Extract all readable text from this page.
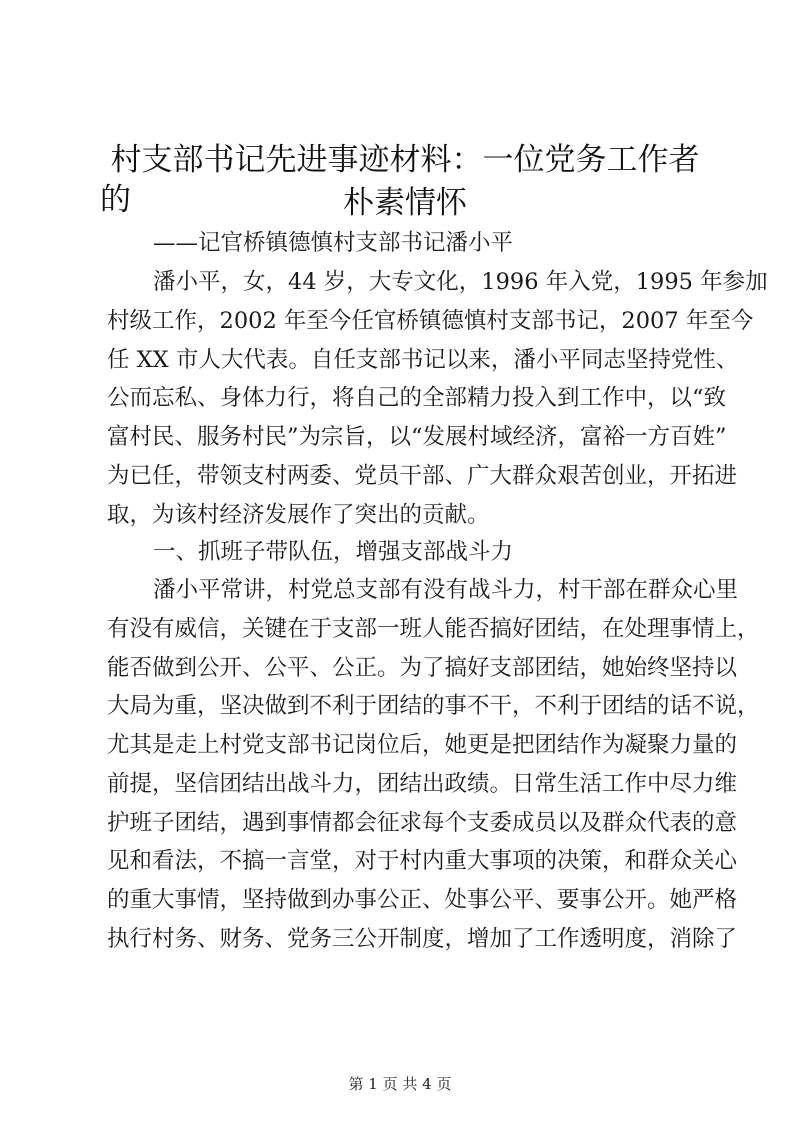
村支部书记先进事迹材料：一位党务工作者的	朴素情怀
——记官桥镇德慎村支部书记潘小平
潘小平，女，44 岁，大专文化，1996 年入党，1995 年参加
村级工作，2002 年至今任官桥镇德慎村支部书记，2007 年至今
任 XX 市人大代表。自任支部书记以来，潘小平同志坚持党性、
公而忘私、身体力行，将自己的全部精力投入到工作中，以“致
富村民、服务村民”为宗旨，以“发展村域经济，富裕一方百姓”
为已任，带领支村两委、党员干部、广大群众艰苦创业，开拓进
取，为该村经济发展作了突出的贡献。
一、抓班子带队伍，增强支部战斗力
潘小平常讲，村党总支部有没有战斗力，村干部在群众心里
有没有威信，关键在于支部一班人能否搞好团结，在处理事情上，
能否做到公开、公平、公正。为了搞好支部团结，她始终坚持以
大局为重，坚决做到不利于团结的事不干，不利于团结的话不说，
尤其是走上村党支部书记岗位后，她更是把团结作为凝聚力量的
前提，坚信团结出战斗力，团结出政绩。日常生活工作中尽力维
护班子团结，遇到事情都会征求每个支委成员以及群众代表的意
见和看法，不搞一言堂，对于村内重大事项的决策，和群众关心
的重大事情，坚持做到办事公正、处事公平、要事公开。她严格
执行村务、财务、党务三公开制度，增加了工作透明度，消除了
第 1 页 共 4 页
